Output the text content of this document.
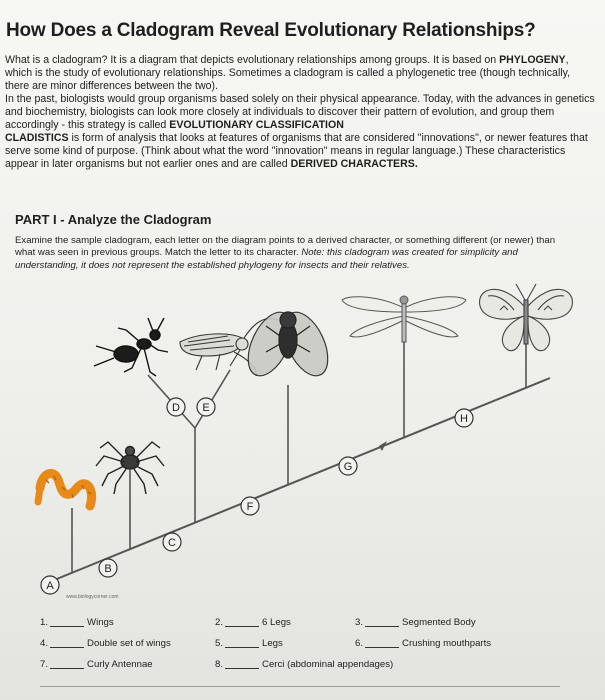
How Does a Cladogram Reveal Evolutionary Relationships?

What is a cladogram? It is a diagram that depicts evolutionary relationships among groups. It is based on PHYLOGENY, which is the study of evolutionary relationships. Sometimes a cladogram is called a phylogenetic tree (though technically, there are minor differences between the two).

In the past, biologists would group organisms based solely on their physical appearance. Today, with the advances in genetics and biochemistry, biologists can look more closely at individuals to discover their pattern of evolution, and group them accordingly - this strategy is called EVOLUTIONARY CLASSIFICATION

CLADISTICS is form of analysis that looks at features of organisms that are considered "innovations", or newer features that serve some kind of purpose. (Think about what the word "innovation" means in regular language.) These characteristics appear in later organisms but not earlier ones and are called DERIVED CHARACTERS.

PART I - Analyze the Cladogram

Examine the sample cladogram, each letter on the diagram points to a derived character, or something different (or newer) than what was seen in previous groups. Match the letter to its character. Note: this cladogram was created for simplicity and understanding, it does not represent the established phylogeny for insects and their relatives.

A
B
C
D E
F
G
H
www.biologycorner.com
1.	Wings	2.	6 Legs	3.	Segmented Body
4.	Double set of wings	5.	Legs	6.	Crushing mouthparts
7.	Curly Antennae	8.	Cerci (abdominal appendages)
